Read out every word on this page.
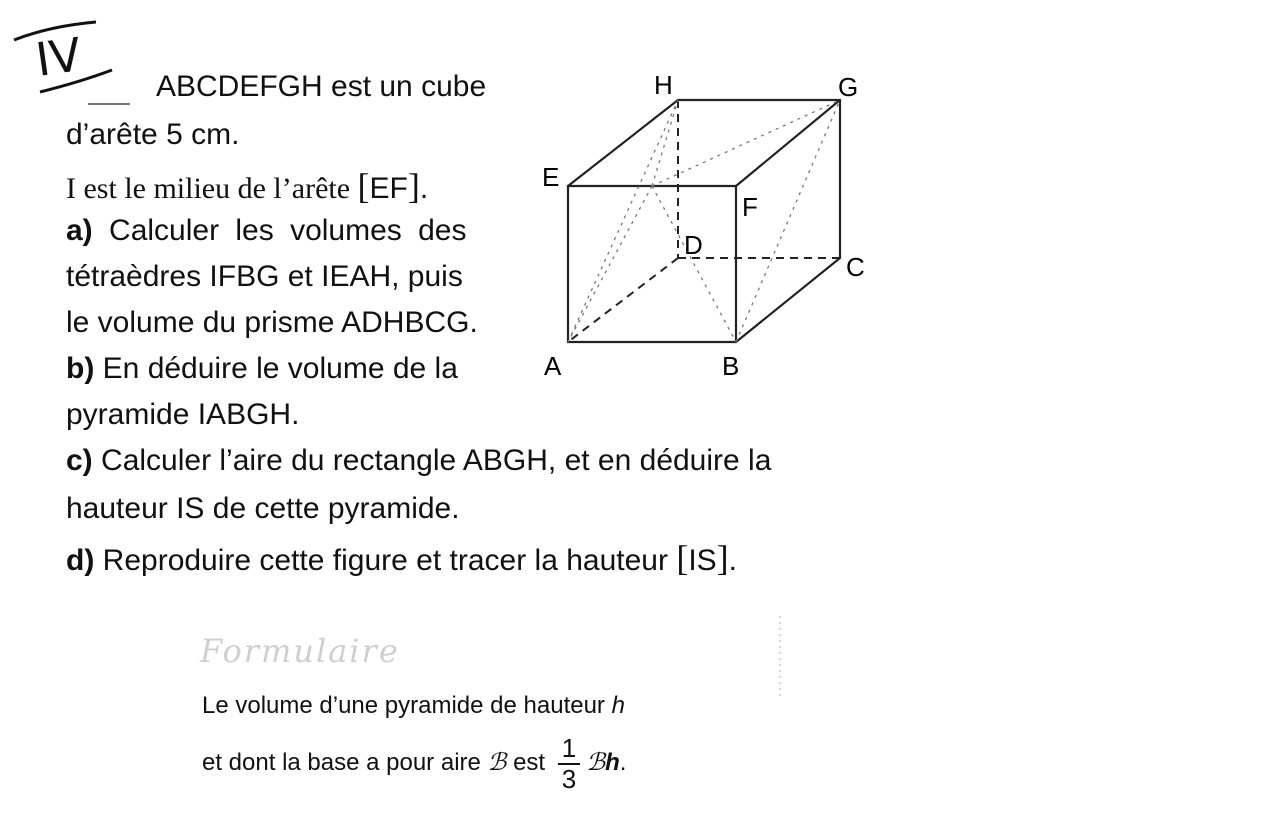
IV ABCDEFGH est un cube
d’arête 5 cm.
I est le milieu de l’arête [EF].
a) Calculer les volumes des
tétraèdres IFBG et IEAH, puis
le volume du prisme ADHBCG.
b) En déduire le volume de la
pyramide IABGH.
c) Calculer l’aire du rectangle ABGH, et en déduire la
hauteur IS de cette pyramide.
d) Reproduire cette figure et tracer la hauteur [IS].
A	B
C
D
E
F
G
H
Formulaire
Le volume d’une pyramide de hauteur h
et dont la base a pour aire ℬ est $\frac{1}{3}$ ℬh.
